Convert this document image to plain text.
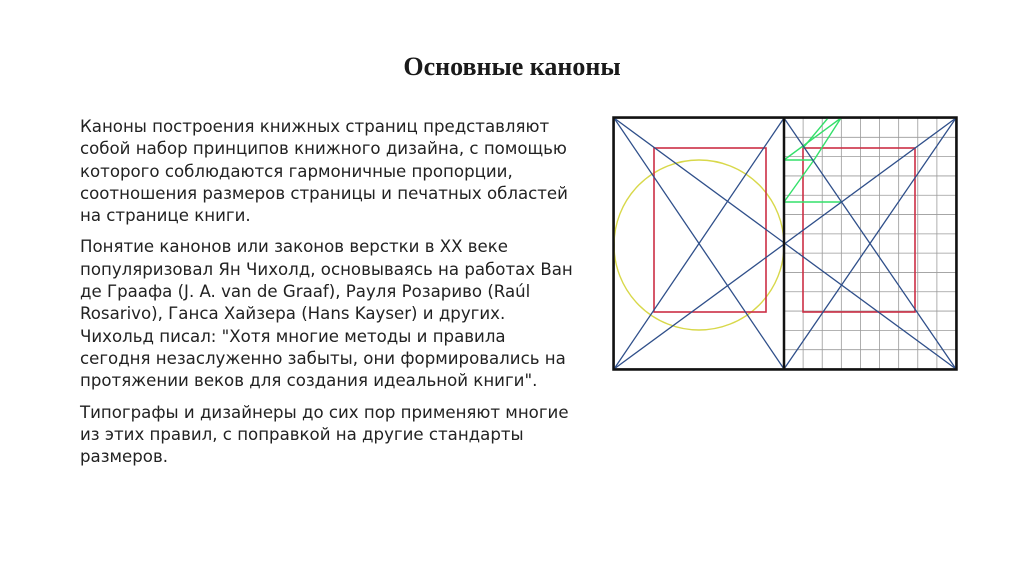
Основные каноны

Каноны построения книжных страниц представляют собой набор принципов книжного дизайна, с помощью которого соблюдаются гармоничные пропорции, соотношения размеров страницы и печатных областей на странице книги.

Понятие канонов или законов верстки в XX веке популяризовал Ян Чихолд, основываясь на работах Ван де Граафа (J. A. van de Graaf), Рауля Розариво (Raúl Rosarivo), Ганса Хайзера (Hans Kayser) и других. Чихольд писал: "Хотя многие методы и правила сегодня незаслуженно забыты, они формировались на протяжении веков для создания идеальной книги".

Типографы и дизайнеры до сих пор применяют многие из этих правил, с поправкой на другие стандарты размеров.
